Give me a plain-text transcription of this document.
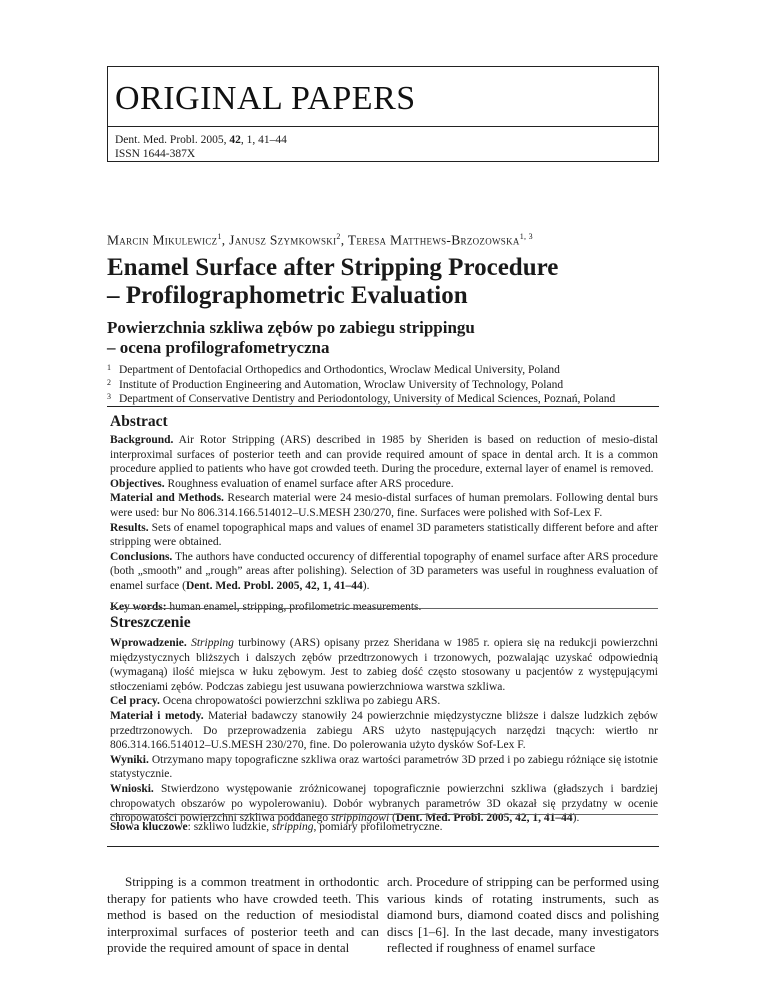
ORIGINAL PAPERS
Dent. Med. Probl. 2005, 42, 1, 41–44
ISSN 1644-387X
Marcin Mikulewicz$^1$, Janusz Szymkowski$^2$, Teresa Matthews-Brzozowska$^{1, 3}$
Enamel Surface after Stripping Procedure
– Profilographometric Evaluation
Powierzchnia szkliwa zębów po zabiegu strippingu
– ocena profilografometryczna
1 Department of Dentofacial Orthopedics and Orthodontics, Wroclaw Medical University, Poland
2 Institute of Production Engineering and Automation, Wroclaw University of Technology, Poland
3 Department of Conservative Dentistry and Periodontology, University of Medical Sciences, Poznań, Poland
Abstract

Background. Air Rotor Stripping (ARS) described in 1985 by Sheriden is based on reduction of mesio-distal interproximal surfaces of posterior teeth and can provide required amount of space in dental arch. It is a common procedure applied to patients who have got crowded teeth. During the procedure, external layer of enamel is removed.

Objectives. Roughness evaluation of enamel surface after ARS procedure.

Material and Methods. Research material were 24 mesio-distal surfaces of human premolars. Following dental burs were used: bur No 806.314.166.514012–U.S.MESH 230/270, fine. Surfaces were polished with Sof-Lex F.

Results. Sets of enamel topographical maps and values of enamel 3D parameters statistically different before and after stripping were obtained.

Conclusions. The authors have conducted occurency of differential topography of enamel surface after ARS procedure (both „smooth” and „rough” areas after polishing). Selection of 3D parameters was useful in roughness evaluation of enamel surface (Dent. Med. Probl. 2005, 42, 1, 41–44).

Key words: human enamel, stripping, profilometric measurements.

Streszczenie

Wprowadzenie. Stripping turbinowy (ARS) opisany przez Sheridana w 1985 r. opiera się na redukcji powierzchni międzystycznych bliższych i dalszych zębów przedtrzonowych i trzonowych, pozwalając uzyskać odpowiednią (wymaganą) ilość miejsca w łuku zębowym. Jest to zabieg dość często stosowany u pacjentów z występującymi stłoczeniami zębów. Podczas zabiegu jest usuwana powierzchniowa warstwa szkliwa.

Cel pracy. Ocena chropowatości powierzchni szkliwa po zabiegu ARS.

Materiał i metody. Materiał badawczy stanowiły 24 powierzchnie międzystyczne bliższe i dalsze ludzkich zębów przedtrzonowych. Do przeprowadzenia zabiegu ARS użyto następujących narzędzi tnących: wiertło nr 806.314.166.514012–U.S.MESH 230/270, fine. Do polerowania użyto dysków Sof-Lex F.

Wyniki. Otrzymano mapy topograficzne szkliwa oraz wartości parametrów 3D przed i po zabiegu różniące się istotnie statystycznie.

Wnioski. Stwierdzono występowanie zróżnicowanej topograficznie powierzchni szkliwa (gładszych i bardziej chropowatych obszarów po wypolerowaniu). Dobór wybranych parametrów 3D okazał się przydatny w ocenie chropowatości powierzchni szkliwa poddanego strippingowi (Dent. Med. Probl. 2005, 42, 1, 41–44).

Słowa kluczowe: szkliwo ludzkie, stripping, pomiary profilometryczne.
Stripping is a common treatment in orthodontic therapy for patients who have crowded teeth. This method is based on the reduction of mesiodistal interproximal surfaces of posterior teeth and can provide the required amount of space in dental
arch. Procedure of stripping can be performed using various kinds of rotating instruments, such as diamond burs, diamond coated discs and polishing discs [1–6]. In the last decade, many investigators reflected if roughness of enamel surface
